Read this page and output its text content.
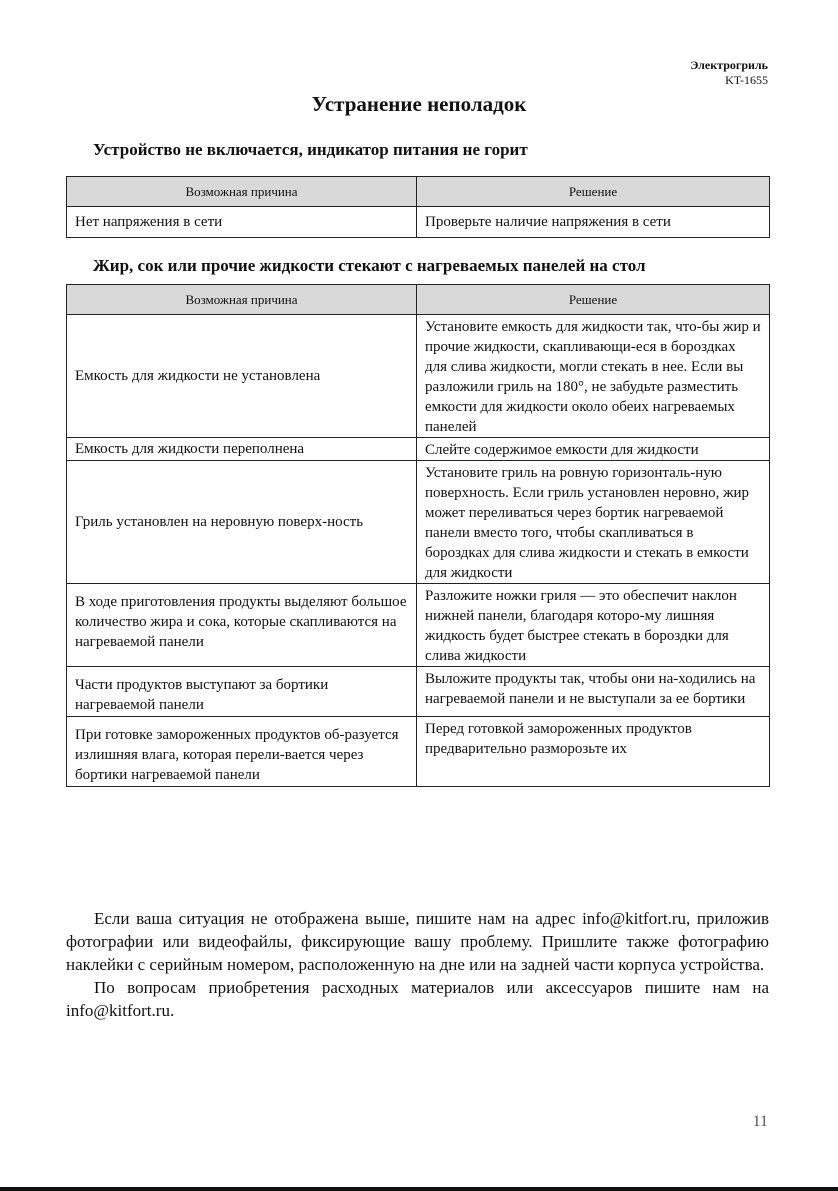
Электрогриль
KT-1655
Устранение неполадок
Устройство не включается, индикатор питания не горит
Возможная причина	Решение
Нет напряжения в сети	Проверьте наличие напряжения в сети
Жир, сок или прочие жидкости стекают с нагреваемых панелей на стол
Возможная причина	Решение
Емкость для жидкости не установлена	Установите емкость для жидкости так, что-бы жир и прочие жидкости, скапливающи-еся в бороздках для слива жидкости, могли стекать в нее. Если вы разложили гриль на 180°, не забудьте разместить емкости для жидкости около обеих нагреваемых панелей
Емкость для жидкости переполнена	Слейте содержимое емкости для жидкости
Гриль установлен на неровную поверх-ность	Установите гриль на ровную горизонталь-ную поверхность. Если гриль установлен неровно, жир может переливаться через бортик нагреваемой панели вместо того, чтобы скапливаться в бороздках для слива жидкости и стекать в емкости для жидкости
В ходе приготовления продукты выделяют большое количество жира и сока, которые скапливаются на нагреваемой панели	Разложите ножки гриля — это обеспечит наклон нижней панели, благодаря которо-му лишняя жидкость будет быстрее стекать в бороздки для слива жидкости
Части продуктов выступают за бортики нагреваемой панели	Выложите продукты так, чтобы они на-ходились на нагреваемой панели и не выступали за ее бортики
При готовке замороженных продуктов об-разуется излишняя влага, которая перели-вается через бортики нагреваемой панели	Перед готовкой замороженных продуктов предварительно разморозьте их

Если ваша ситуация не отображена выше, пишите нам на адрес info@kitfort.ru, приложив фотографии или видеофайлы, фиксирующие вашу проблему. Пришлите также фотографию наклейки с серийным номером, расположенную на дне или на задней части корпуса устройства.

По вопросам приобретения расходных материалов или аксессуаров пишите нам на info@kitfort.ru.

11
